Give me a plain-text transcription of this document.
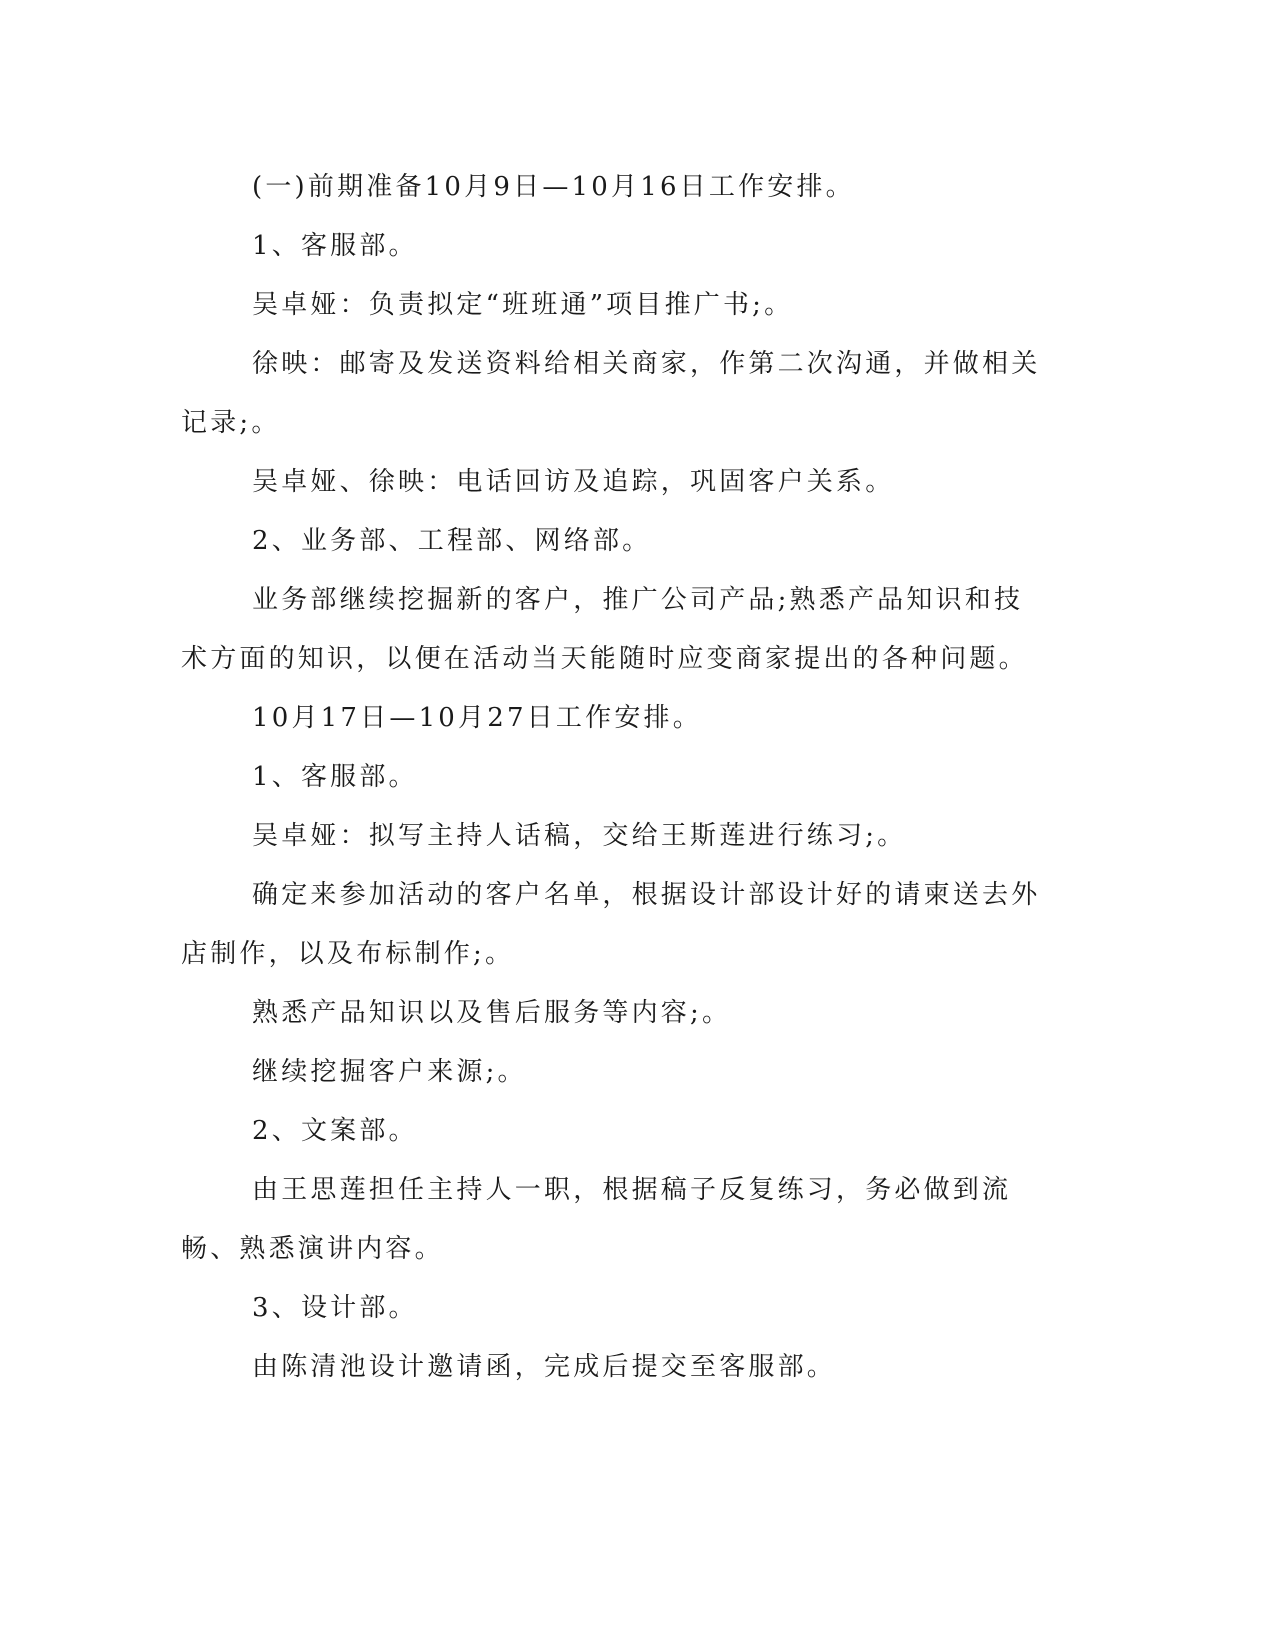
(一)前期准备10月9日—10月16日工作安排。

1、客服部。

吴卓娅：负责拟定“班班通”项目推广书;。

徐映：邮寄及发送资料给相关商家，作第二次沟通，并做相关记录;。

吴卓娅、徐映：电话回访及追踪，巩固客户关系。

2、业务部、工程部、网络部。

业务部继续挖掘新的客户，推广公司产品;熟悉产品知识和技术方面的知识，以便在活动当天能随时应变商家提出的各种问题。

10月17日—10月27日工作安排。

1、客服部。

吴卓娅：拟写主持人话稿，交给王斯莲进行练习;。

确定来参加活动的客户名单，根据设计部设计好的请柬送去外店制作，以及布标制作;。

熟悉产品知识以及售后服务等内容;。

继续挖掘客户来源;。

2、文案部。

由王思莲担任主持人一职，根据稿子反复练习，务必做到流畅、熟悉演讲内容。

3、设计部。

由陈清池设计邀请函，完成后提交至客服部。
